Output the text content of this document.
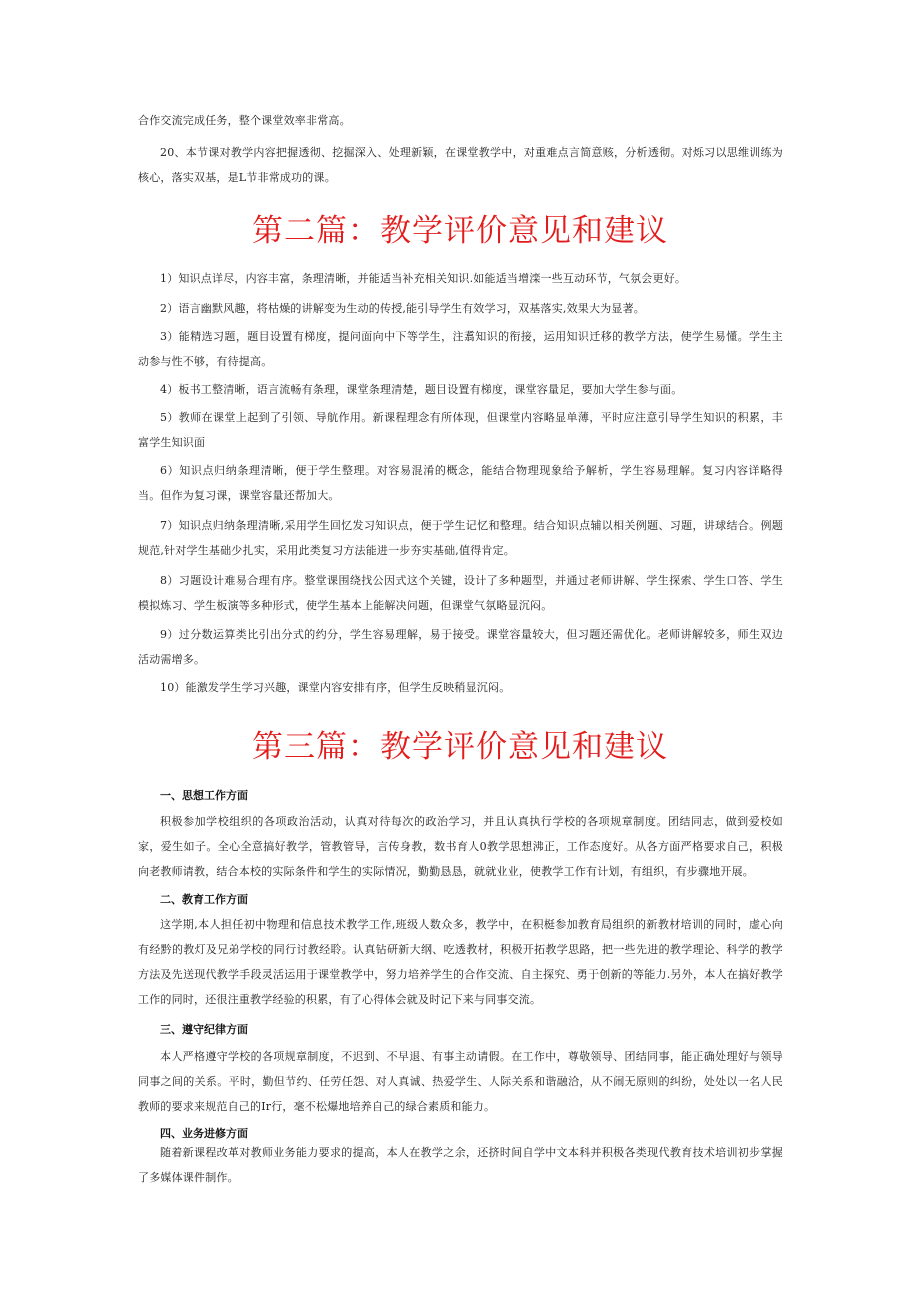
合作交流完成任务，整个课堂效率非常高。

20、本节课对教学内容把握透彻、挖掘深入、处理新颖，在课堂教学中，对重难点言简意赅，分析透彻。对烁习以思维训练为核心，落实双基，是L节非常成功的课。

第二篇：教学评价意见和建议

1）知识点详尽，内容丰富，条理清晰，并能适当补充相关知识.如能适当增滦一些互动环节，气氛会更好。

2）语言幽默风趣，将枯燥的讲解变为生动的传授,能引导学生有效学习，双基落实,效果大为显著。

3）能精选习题，题目设置有梯度，提问面向中下等学生，注翥知识的衔接，运用知识迁移的教学方法，使学生易懂。学生主动参与性不够，有待提高。

4）板书工整清晰，语言流畅有条理，课堂条理清楚，题目设置有梯度，课堂容量足，要加大学生参与面。

5）教师在课堂上起到了引领、导航作用。新课程理念有所体现，但课堂内容略显单薄，平时应注意引导学生知识的积累，丰富学生知识面

6）知识点归纳条理清晰，便于学生整理。对容易混淆的概念，能结合物理现象给予解析，学生容易理解。复习内容详略得当。但作为复习课，课堂容量还帮加大。

7）知识点归纳条理清晰,采用学生回忆发习知识点，便于学生记忆和整理。结合知识点辅以相关例题、习题，讲球结合。例题规范,针对学生基础少扎实，采用此类复习方法能进一步夯实基础,值得肯定。

8）习题设计难易合理有序。整堂课围绕找公因式这个关键，设计了多种题型，并通过老师讲解、学生探索、学生口答、学生模拟炼习、学生板演等多种形式，使学生基本上能解决问题，但课堂气氛略显沉闷。

9）过分数运算类比引出分式的约分，学生容易理解，易于接受。课堂容量较大，但习题还需优化。老师讲解较多，师生双边活动需增多。

10）能激发学生学习兴趣，课堂内容安排有序，但学生反映稍显沉闷。

第三篇：教学评价意见和建议
一、思想工作方面

积极参加学校组织的各项政治活动，认真对待每次的政治学习，并且认真执行学校的各项规章制度。团结同志，做到爱校如家，爱生如子。全心全意搞好教学，管教管导，言传身教，数书育人0教学思想沸正，工作态度好。从各方面严格要求自己，积极向老教师请教，结合本校的实际条件和学生的实际情况，勤勤恳恳，就就业业，使教学工作有计划，有组织，有步骤地开展。

二、教育工作方面

这学期,本人担任初中物理和信息技术教学工作,班级人数众多，教学中，在积梃参加教育局组织的新教材培训的同时，虚心向有经黔的教灯及兄弟学校的同行讨教经聆。认真钻研新大纲、吃透教材，积极开拓教学思路，把一些先进的教学理论、科学的教学方法及先送现代教学手段灵活运用于课堂教学中，努力培养学生的合作交流、自主探究、勇于创新的等能力.另外，本人在搞好教学工作的同时，还很注重教学经验的积累，有了心得体会就及时记下来与同事交流。

三、遵守纪律方面

本人严格遵守学校的各项规章制度，不迟到、不早退、有事主动请假。在工作中，尊敬领导、团结同事，能正确处理好与领导同事之间的关系。平时，勤但节约、任劳任怨、对人真诚、热爱学生、人际关系和谐融洽，从不闹无原则的纠纷，处处以一名人民教师的要求来规范自己的Ir行，毫不松爆地培养自己的绿合素质和能力。

四、业务进修方面

随着新课程改革对教师业务能力要求的提高，本人在教学之余，还挤时间自学中文本科并积极各类现代教育技术培训初步掌握了多媒体课件制作。
